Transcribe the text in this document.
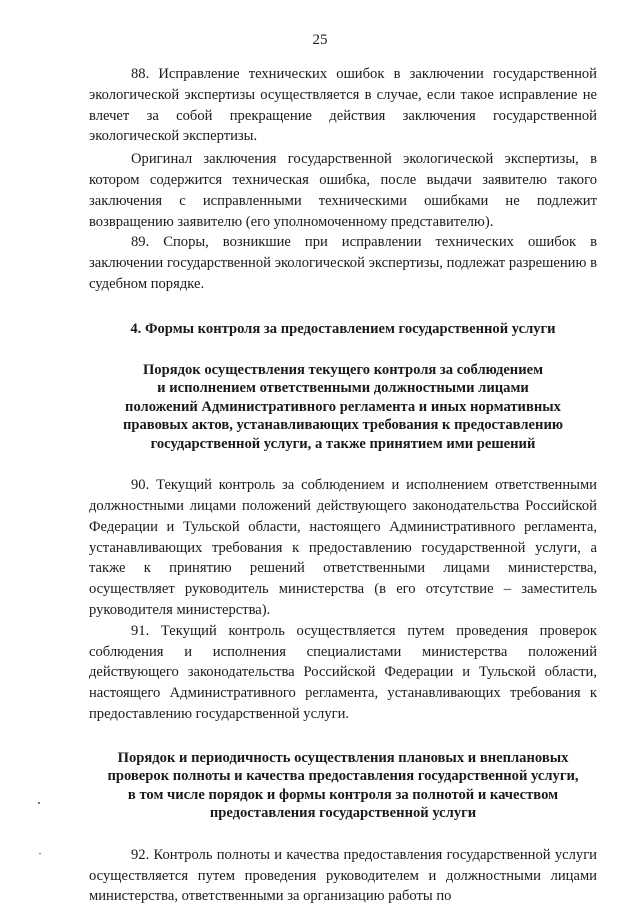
25

88. Исправление технических ошибок в заключении государственной экологической экспертизы осуществляется в случае, если такое исправление не влечет за собой прекращение действия заключения государственной экологической экспертизы.

Оригинал заключения государственной экологической экспертизы, в котором содержится техническая ошибка, после выдачи заявителю такого заключения с исправленными техническими ошибками не подлежит возвращению заявителю (его уполномоченному представителю).

89. Споры, возникшие при исправлении технических ошибок в заключении государственной экологической экспертизы, подлежат разрешению в судебном порядке.

4. Формы контроля за предоставлением государственной услуги
Порядок осуществления текущего контроля за соблюдением
и исполнением ответственными должностными лицами
положений Административного регламента и иных нормативных
правовых актов, устанавливающих требования к предоставлению
государственной услуги, а также принятием ими решений

90. Текущий контроль за соблюдением и исполнением ответственными должностными лицами положений действующего законодательства Российской Федерации и Тульской области, настоящего Административного регламента, устанавливающих требования к предоставлению государственной услуги, а также к принятию решений ответственными лицами министерства, осуществляет руководитель министерства (в его отсутствие – заместитель руководителя министерства).

91. Текущий контроль осуществляется путем проведения проверок соблюдения и исполнения специалистами министерства положений действующего законодательства Российской Федерации и Тульской области, настоящего Административного регламента, устанавливающих требования к предоставлению государственной услуги.

Порядок и периодичность осуществления плановых и внеплановых
проверок полноты и качества предоставления государственной услуги,
в том числе порядок и формы контроля за полнотой и качеством
предоставления государственной услуги

92. Контроль полноты и качества предоставления государственной услуги осуществляется путем проведения руководителем и должностными лицами министерства, ответственными за организацию работы по
